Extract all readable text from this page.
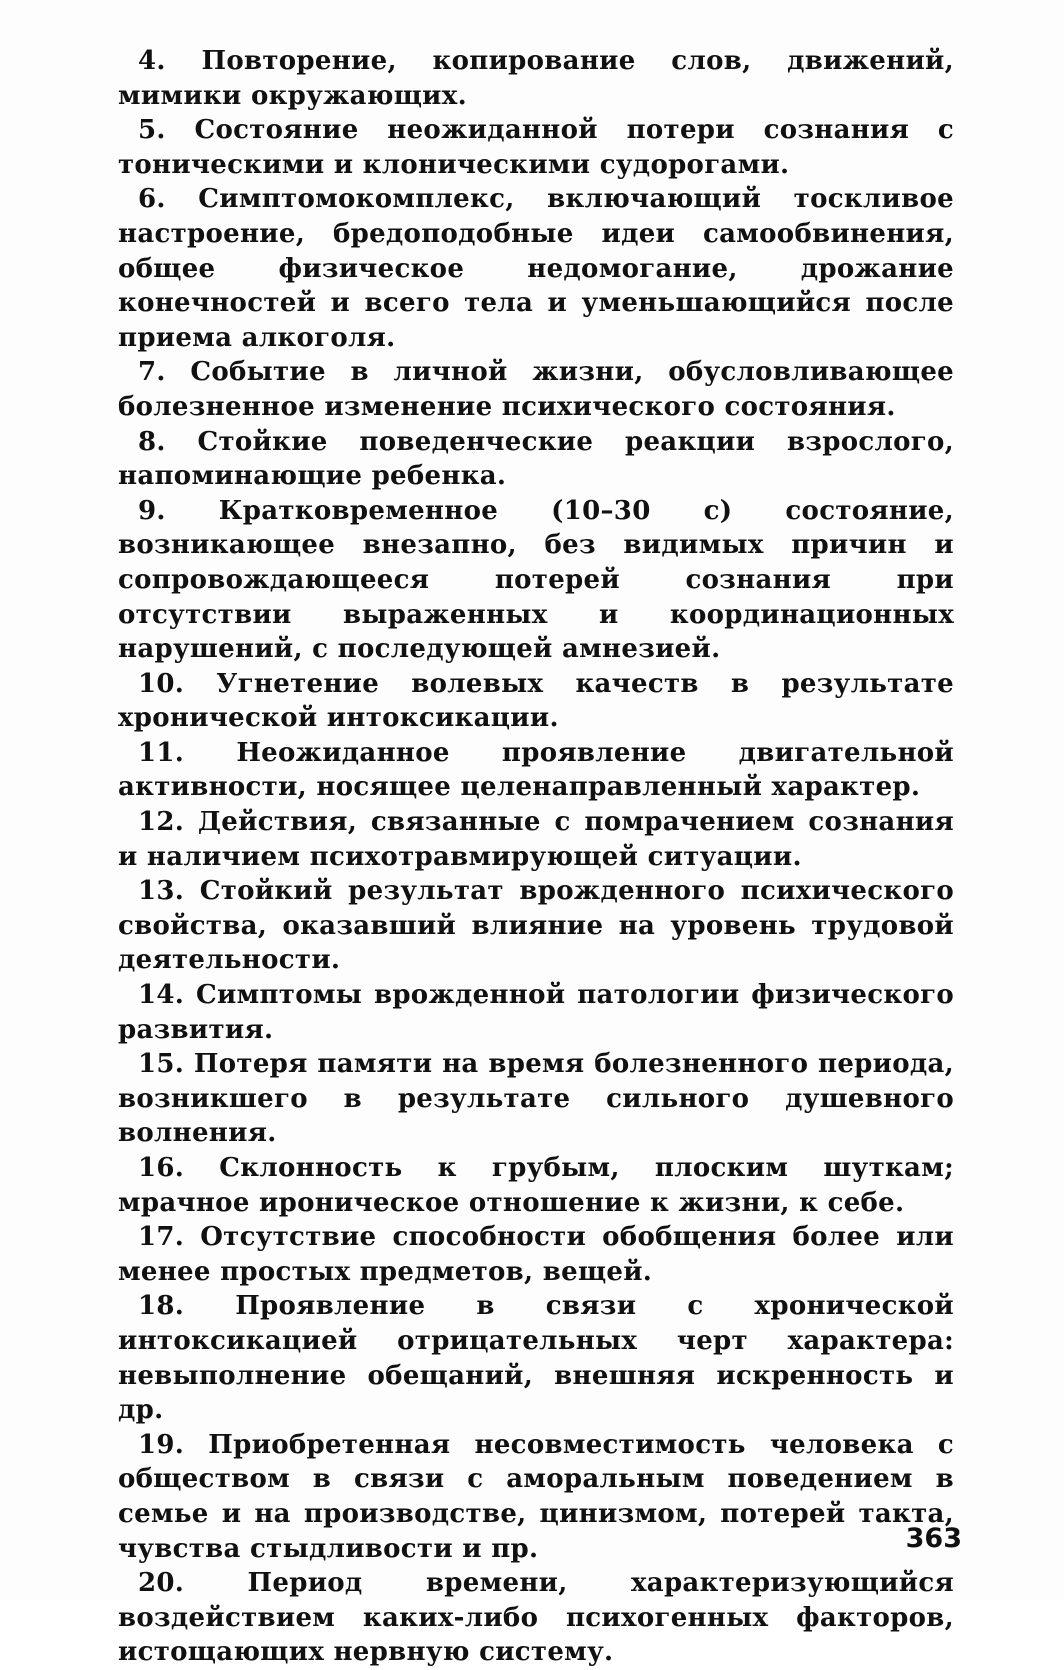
4. Повторение, копирование слов, движений, мимики окружающих.

5. Состояние неожиданной потери сознания с тоническими и клоническими судорогами.

6. Симптомокомплекс, включающий тоскливое настроение, бредоподобные идеи самообвинения, общее физическое недомогание, дрожание конечностей и всего тела и уменьшающийся после приема алкоголя.

7. Событие в личной жизни, обусловливающее болезненное изменение психического состояния.

8. Стойкие поведенческие реакции взрослого, напоминающие ребенка.

9. Кратковременное (10–30 с) состояние, возникающее внезапно, без видимых причин и сопровождающееся потерей сознания при отсутствии выраженных и координационных нарушений, с последующей амнезией.

10. Угнетение волевых качеств в результате хронической интоксикации.

11. Неожиданное проявление двигательной активности, носящее целенаправленный характер.

12. Действия, связанные с помрачением сознания и наличием психотравмирующей ситуации.

13. Стойкий результат врожденного психического свойства, оказавший влияние на уровень трудовой деятельности.

14. Симптомы врожденной патологии физического развития.

15. Потеря памяти на время болезненного периода, возникшего в результате сильного душевного волнения.

16. Склонность к грубым, плоским шуткам; мрачное ироническое отношение к жизни, к себе.

17. Отсутствие способности обобщения более или менее простых предметов, вещей.

18. Проявление в связи с хронической интоксикацией отрицательных черт характера: невыполнение обещаний, внешняя искренность и др.

19. Приобретенная несовместимость человека с обществом в связи с аморальным поведением в семье и на производстве, цинизмом, потерей такта, чувства стыдливости и пр.

20. Период времени, характеризующийся воздействием каких-либо психогенных факторов, истощающих нервную систему.

363
